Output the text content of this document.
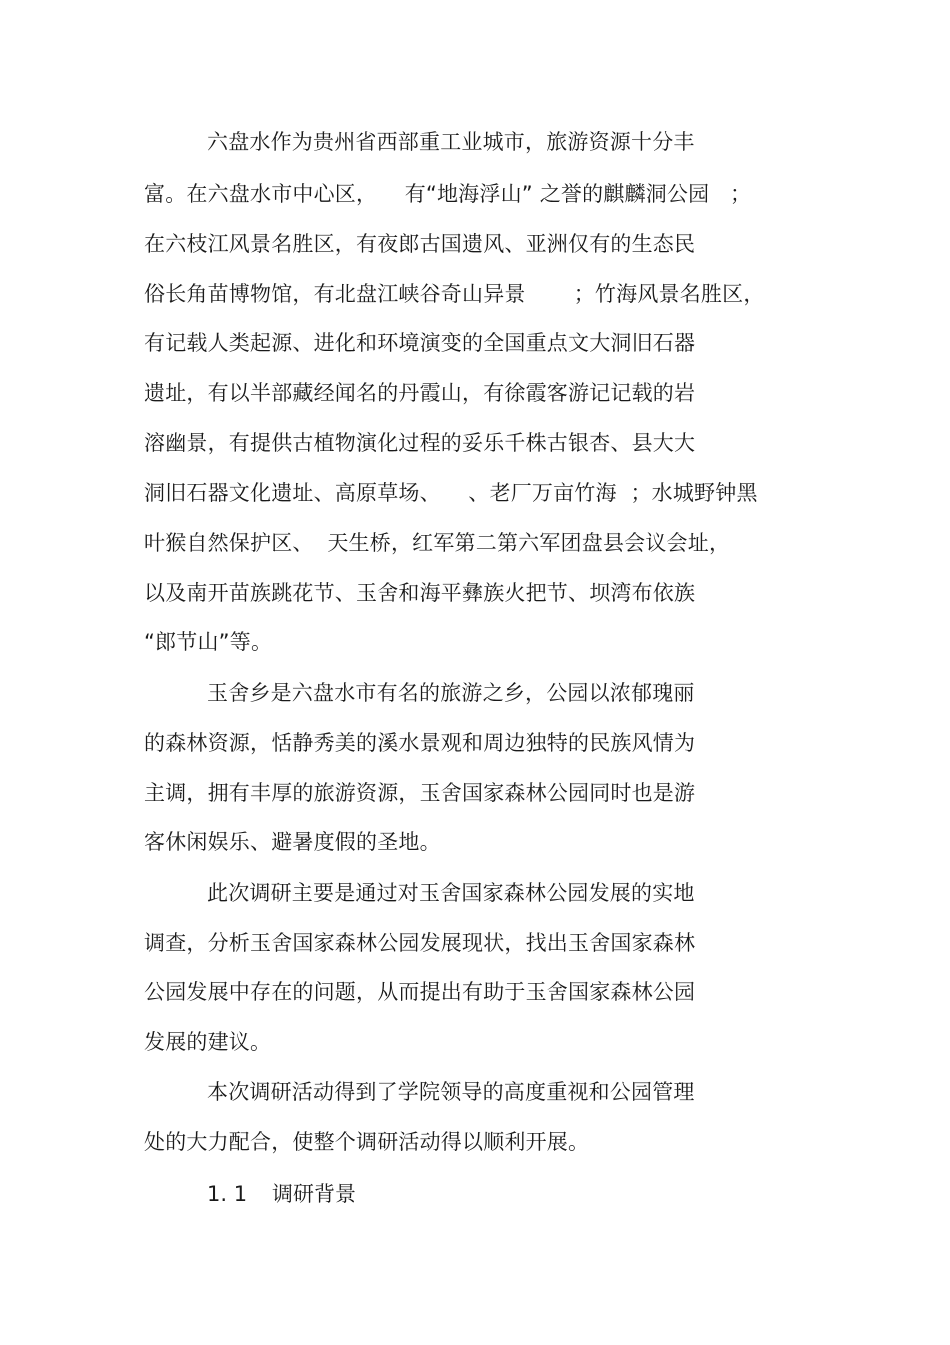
六盘水作为贵州省西部重工业城市，旅游资源十分丰
富。在六盘水市中心区，    有“地海浮山” 之誉的麒麟洞公园   ；
在六枝江风景名胜区，有夜郎古国遗风、亚洲仅有的生态民
俗长角苗博物馆，有北盘江峡谷奇山异景       ；竹海风景名胜区，
有记载人类起源、进化和环境演变的全国重点文大洞旧石器
遗址，有以半部藏经闻名的丹霞山，有徐霞客游记记载的岩
溶幽景，有提供古植物演化过程的妥乐千株古银杏、县大大
洞旧石器文化遗址、高原草场、    、老厂万亩竹海  ；水城野钟黑
叶猴自然保护区、  天生桥，红军第二第六军团盘县会议会址，
以及南开苗族跳花节、玉舍和海平彝族火把节、坝湾布依族
“郎节山”等。
玉舍乡是六盘水市有名的旅游之乡，公园以浓郁瑰丽
的森林资源，恬静秀美的溪水景观和周边独特的民族风情为
主调，拥有丰厚的旅游资源，玉舍国家森林公园同时也是游
客休闲娱乐、避暑度假的圣地。
此次调研主要是通过对玉舍国家森林公园发展的实地
调查，分析玉舍国家森林公园发展现状，找出玉舍国家森林
公园发展中存在的问题，从而提出有助于玉舍国家森林公园
发展的建议。
本次调研活动得到了学院领导的高度重视和公园管理
处的大力配合，使整个调研活动得以顺利开展。
1. 1 调研背景
